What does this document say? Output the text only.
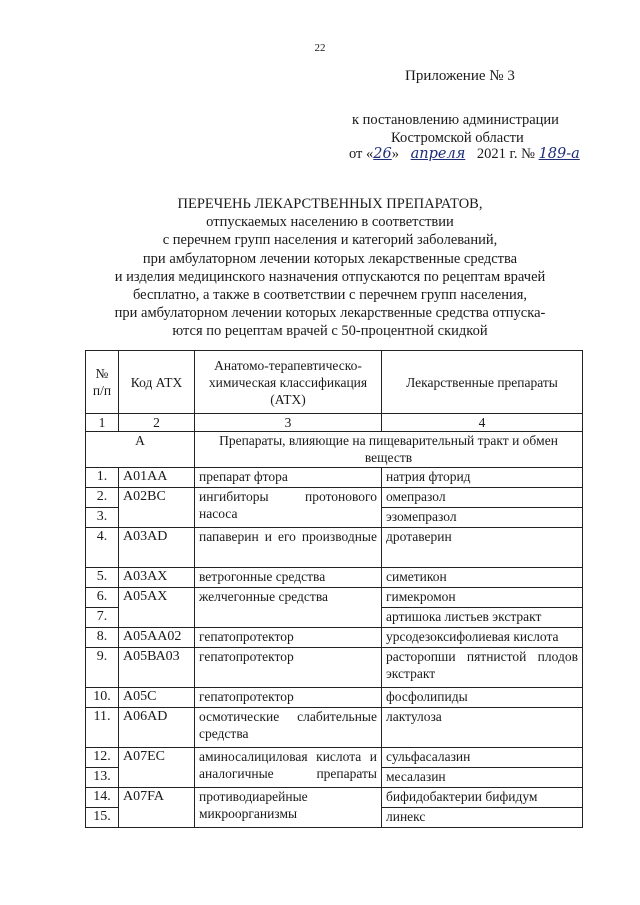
22
Приложение № 3
к постановлению администрации
Костромской области
от «26» апреля 2021 г. № 189-а
ПЕРЕЧЕНЬ ЛЕКАРСТВЕННЫХ ПРЕПАРАТОВ,
отпускаемых населению в соответствии
с перечнем групп населения и категорий заболеваний,
при амбулаторном лечении которых лекарственные средства
и изделия медицинского назначения отпускаются по рецептам врачей
бесплатно, а также в соответствии с перечнем групп населения,
при амбулаторном лечении которых лекарственные средства отпуска-
ются по рецептам врачей с 50-процентной скидкой
№ п/п	Код АТХ	Анатомо-терапевтическо-химическая классификация (АТХ)	Лекарственные препараты
1	2	3	4
А		Препараты, влияющие на пищеварительный тракт и обмен веществ	
1.	А01АА	препарат фтора	натрия фторид
2.	А02ВС	ингибиторы протонового насоса	омепразол
3.			эзомепразол
4.	А03AD	папаверин и его производные	дротаверин
5.	А03АХ	ветрогонные средства	симетикон
6.	А05АХ	желчегонные средства	гимекромон
7.			артишока листьев экстракт
8.	А05АА02	гепатопротектор	урсодезоксифолиевая кислота
9.	А05ВА03	гепатопротектор	расторопши пятнистой плодов экстракт
10.	A05C	гепатопротектор	фосфолипиды
11.	А06AD	осмотические слабительные средства	лактулоза
12.	А07ЕС	аминосалициловая кислота и аналогичные препараты	сульфасалазин
13.			месалазин
14.	А07FA	противодиарейные микроорганизмы	бифидобактерии бифидум
15.			линекс
